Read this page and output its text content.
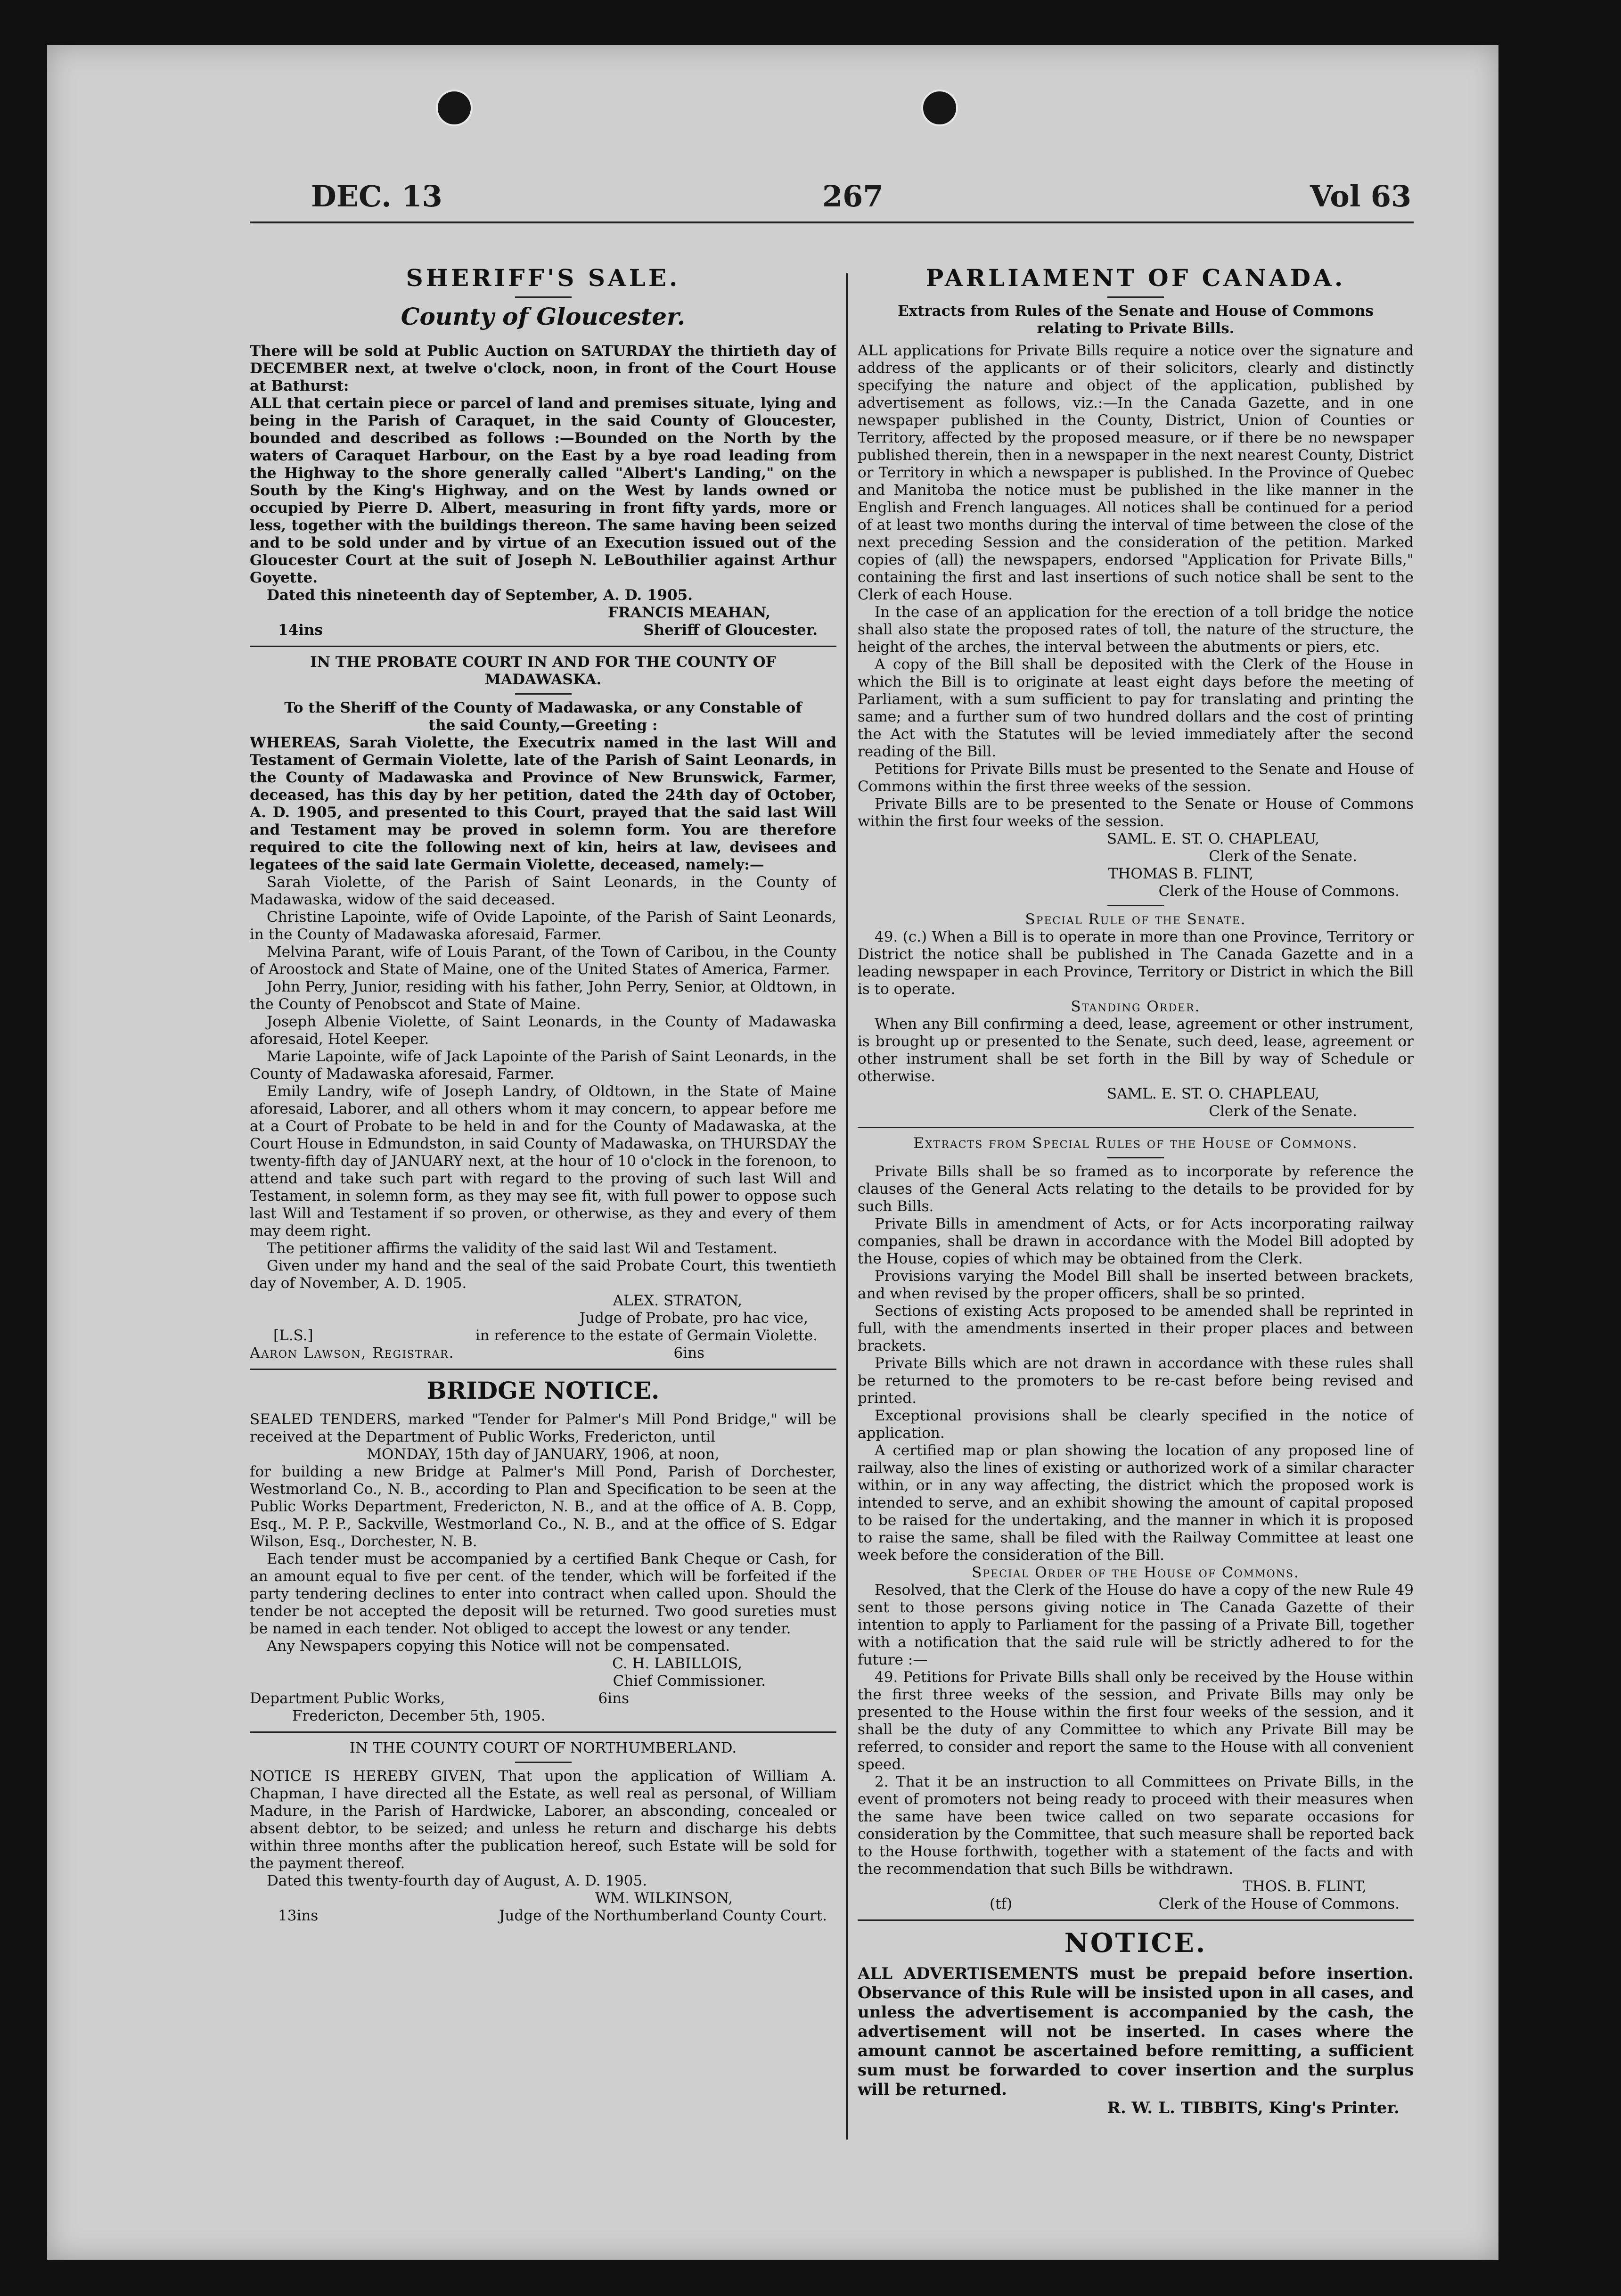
DEC. 13	267	Vol 63
SHERIFF'S SALE.
County of Gloucester.

There will be sold at Public Auction on SATURDAY the thirtieth day of DECEMBER next, at twelve o'clock, noon, in front of the Court House at Bathurst:

ALL that certain piece or parcel of land and premises situate, lying and being in the Parish of Caraquet, in the said County of Gloucester, bounded and described as follows :—Bounded on the North by the waters of Caraquet Harbour, on the East by a bye road leading from the Highway to the shore generally called "Albert's Landing," on the South by the King's Highway, and on the West by lands owned or occupied by Pierre D. Albert, measuring in front fifty yards, more or less, together with the buildings thereon. The same having been seized and to be sold under and by virtue of an Execution issued out of the Gloucester Court at the suit of Joseph N. LeBouthilier against Arthur Goyette.

Dated this nineteenth day of September, A. D. 1905.

FRANCIS MEAHAN,
14ins	Sheriff of Gloucester.
IN THE PROBATE COURT IN AND FOR THE COUNTY OF MADAWASKA.
To the Sheriff of the County of Madawaska, or any Constable of the said County,—Greeting :

WHEREAS, Sarah Violette, the Executrix named in the last Will and Testament of Germain Violette, late of the Parish of Saint Leonards, in the County of Madawaska and Province of New Brunswick, Farmer, deceased, has this day by her petition, dated the 24th day of October, A. D. 1905, and presented to this Court, prayed that the said last Will and Testament may be proved in solemn form. You are therefore required to cite the following next of kin, heirs at law, devisees and legatees of the said late Germain Violette, deceased, namely:—

Sarah Violette, of the Parish of Saint Leonards, in the County of Madawaska, widow of the said deceased.

Christine Lapointe, wife of Ovide Lapointe, of the Parish of Saint Leonards, in the County of Madawaska aforesaid, Farmer.

Melvina Parant, wife of Louis Parant, of the Town of Caribou, in the County of Aroostock and State of Maine, one of the United States of America, Farmer.

John Perry, Junior, residing with his father, John Perry, Senior, at Oldtown, in the County of Penobscot and State of Maine.

Joseph Albenie Violette, of Saint Leonards, in the County of Madawaska aforesaid, Hotel Keeper.

Marie Lapointe, wife of Jack Lapointe of the Parish of Saint Leonards, in the County of Madawaska aforesaid, Farmer.

Emily Landry, wife of Joseph Landry, of Oldtown, in the State of Maine aforesaid, Laborer, and all others whom it may concern, to appear before me at a Court of Probate to be held in and for the County of Madawaska, at the Court House in Edmundston, in said County of Madawaska, on THURSDAY the twenty-fifth day of JANUARY next, at the hour of 10 o'clock in the forenoon, to attend and take such part with regard to the proving of such last Will and Testament, in solemn form, as they may see fit, with full power to oppose such last Will and Testament if so proven, or otherwise, as they and every of them may deem right.

The petitioner affirms the validity of the said last Wil and Testament.

Given under my hand and the seal of the said Probate Court, this twentieth day of November, A. D. 1905.

ALEX. STRATON,
Judge of Probate, pro hac vice,
[L.S.]	in reference to the estate of Germain Violette.
Aaron Lawson, Registrar.	6ins
BRIDGE NOTICE.

SEALED TENDERS, marked "Tender for Palmer's Mill Pond Bridge," will be received at the Department of Public Works, Fredericton, until

MONDAY, 15th day of JANUARY, 1906, at noon,

for building a new Bridge at Palmer's Mill Pond, Parish of Dorchester, Westmorland Co., N. B., according to Plan and Specification to be seen at the Public Works Department, Fredericton, N. B., and at the office of A. B. Copp, Esq., M. P. P., Sackville, Westmorland Co., N. B., and at the office of S. Edgar Wilson, Esq., Dorchester, N. B.

Each tender must be accompanied by a certified Bank Cheque or Cash, for an amount equal to five per cent. of the tender, which will be forfeited if the party tendering declines to enter into contract when called upon. Should the tender be not accepted the deposit will be returned. Two good sureties must be named in each tender. Not obliged to accept the lowest or any tender.

Any Newspapers copying this Notice will not be compensated.

C. H. LABILLOIS,
Chief Commissioner.
Department Public Works,	6ins
Fredericton, December 5th, 1905.
IN THE COUNTY COURT OF NORTHUMBERLAND.

NOTICE IS HEREBY GIVEN, That upon the application of William A. Chapman, I have directed all the Estate, as well real as personal, of William Madure, in the Parish of Hardwicke, Laborer, an absconding, concealed or absent debtor, to be seized; and unless he return and discharge his debts within three months after the publication hereof, such Estate will be sold for the payment thereof.

Dated this twenty-fourth day of August, A. D. 1905.

WM. WILKINSON,
13ins	Judge of the Northumberland County Court.
PARLIAMENT OF CANADA.
Extracts from Rules of the Senate and House of Commons relating to Private Bills.

ALL applications for Private Bills require a notice over the signature and address of the applicants or of their solicitors, clearly and distinctly specifying the nature and object of the application, published by advertisement as follows, viz.:—In the Canada Gazette, and in one newspaper published in the County, District, Union of Counties or Territory, affected by the proposed measure, or if there be no newspaper published therein, then in a newspaper in the next nearest County, District or Territory in which a newspaper is published. In the Province of Quebec and Manitoba the notice must be published in the like manner in the English and French languages. All notices shall be continued for a period of at least two months during the interval of time between the close of the next preceding Session and the consideration of the petition. Marked copies of (all) the newspapers, endorsed "Application for Private Bills," containing the first and last insertions of such notice shall be sent to the Clerk of each House.

In the case of an application for the erection of a toll bridge the notice shall also state the proposed rates of toll, the nature of the structure, the height of the arches, the interval between the abutments or piers, etc.

A copy of the Bill shall be deposited with the Clerk of the House in which the Bill is to originate at least eight days before the meeting of Parliament, with a sum sufficient to pay for translating and printing the same; and a further sum of two hundred dollars and the cost of printing the Act with the Statutes will be levied immediately after the second reading of the Bill.

Petitions for Private Bills must be presented to the Senate and House of Commons within the first three weeks of the session.

Private Bills are to be presented to the Senate or House of Commons within the first four weeks of the session.

SAML. E. ST. O. CHAPLEAU,
Clerk of the Senate.
THOMAS B. FLINT,
Clerk of the House of Commons.
Special Rule of the Senate.

49. (c.) When a Bill is to operate in more than one Province, Territory or District the notice shall be published in The Canada Gazette and in a leading newspaper in each Province, Territory or District in which the Bill is to operate.

Standing Order.

When any Bill confirming a deed, lease, agreement or other instrument, is brought up or presented to the Senate, such deed, lease, agreement or other instrument shall be set forth in the Bill by way of Schedule or otherwise.

SAML. E. ST. O. CHAPLEAU,
Clerk of the Senate.
Extracts from Special Rules of the House of Commons.

Private Bills shall be so framed as to incorporate by reference the clauses of the General Acts relating to the details to be provided for by such Bills.

Private Bills in amendment of Acts, or for Acts incorporating railway companies, shall be drawn in accordance with the Model Bill adopted by the House, copies of which may be obtained from the Clerk.

Provisions varying the Model Bill shall be inserted between brackets, and when revised by the proper officers, shall be so printed.

Sections of existing Acts proposed to be amended shall be reprinted in full, with the amendments inserted in their proper places and between brackets.

Private Bills which are not drawn in accordance with these rules shall be returned to the promoters to be re-cast before being revised and printed.

Exceptional provisions shall be clearly specified in the notice of application.

A certified map or plan showing the location of any proposed line of railway, also the lines of existing or authorized work of a similar character within, or in any way affecting, the district which the proposed work is intended to serve, and an exhibit showing the amount of capital proposed to be raised for the undertaking, and the manner in which it is proposed to raise the same, shall be filed with the Railway Committee at least one week before the consideration of the Bill.

Special Order of the House of Commons.

Resolved, that the Clerk of the House do have a copy of the new Rule 49 sent to those persons giving notice in The Canada Gazette of their intention to apply to Parliament for the passing of a Private Bill, together with a notification that the said rule will be strictly adhered to for the future :—

49. Petitions for Private Bills shall only be received by the House within the first three weeks of the session, and Private Bills may only be presented to the House within the first four weeks of the session, and it shall be the duty of any Committee to which any Private Bill may be referred, to consider and report the same to the House with all convenient speed.

2. That it be an instruction to all Committees on Private Bills, in the event of promoters not being ready to proceed with their measures when the same have been twice called on two separate occasions for consideration by the Committee, that such measure shall be reported back to the House forthwith, together with a statement of the facts and with the recommendation that such Bills be withdrawn.

THOS. B. FLINT,
(tf)	Clerk of the House of Commons.
NOTICE.

ALL ADVERTISEMENTS must be prepaid before insertion. Observance of this Rule will be insisted upon in all cases, and unless the advertisement is accompanied by the cash, the advertisement will not be inserted. In cases where the amount cannot be ascertained before remitting, a sufficient sum must be forwarded to cover insertion and the surplus will be returned.

R. W. L. TIBBITS, King's Printer.
